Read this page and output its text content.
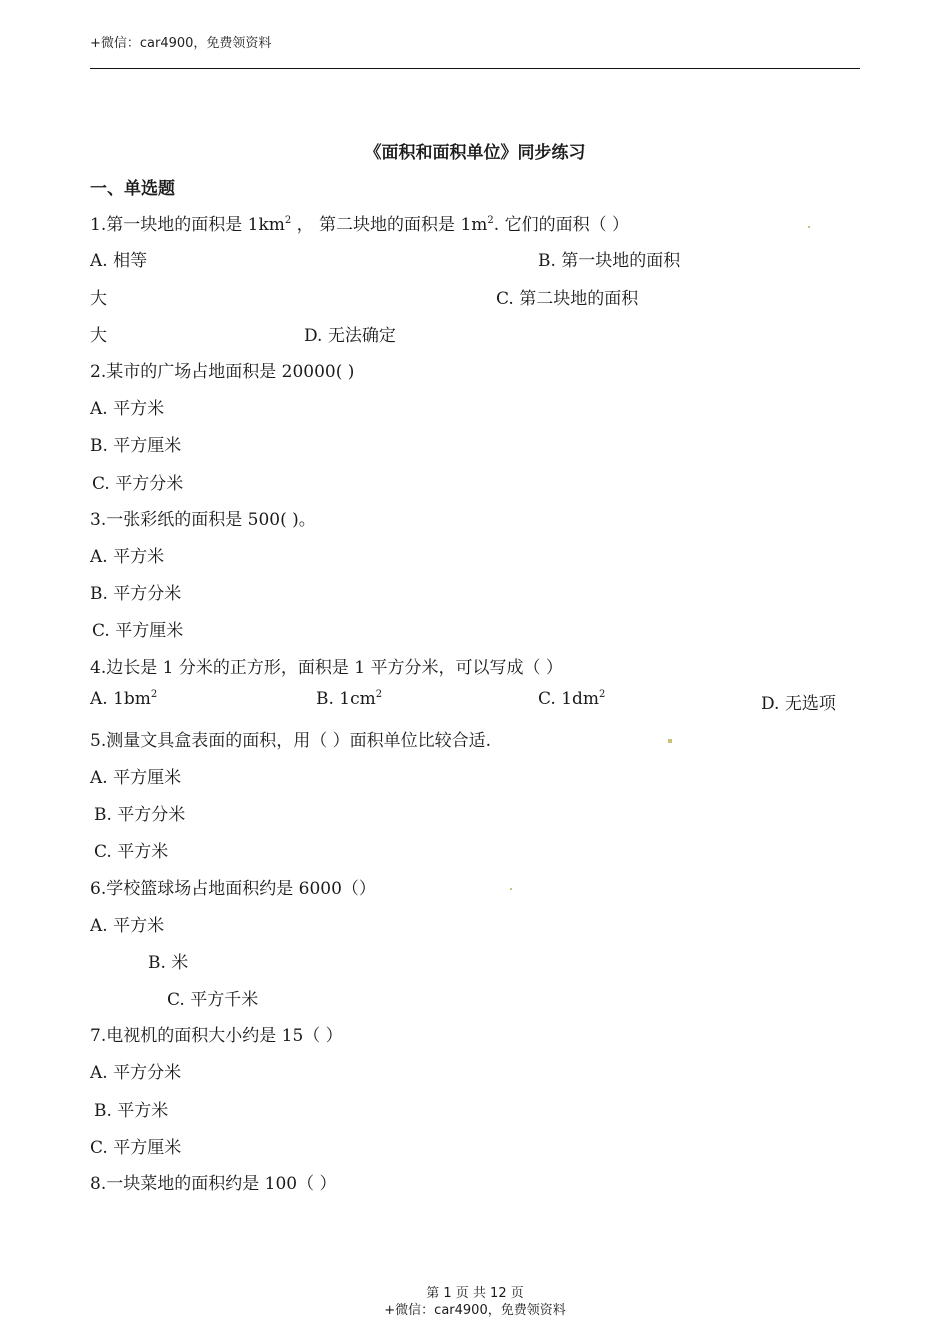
+微信：car4900，免费领资料
《面积和面积单位》同步练习
一、单选题
1.第一块地的面积是 $1km^2$ ， 第二块地的面积是 $1m^2$. 它们的面积（ ）
A. 相等	B. 第一块地的面积
大	C. 第二块地的面积
大	D. 无法确定
2.某市的广场占地面积是 20000( )
A. 平方米
B. 平方厘米
C. 平方分米
3.一张彩纸的面积是 500( )。
A. 平方米
B. 平方分米
C. 平方厘米
4.边长是 1 分米的正方形，面积是 1 平方分米，可以写成（ ）
A. $1bm^2$	B. $1cm^2$	C. $1dm^2$	D. 无选项
5.测量文具盒表面的面积，用（ ）面积单位比较合适.
A. 平方厘米
B. 平方分米
C. 平方米
6.学校篮球场占地面积约是 6000（）
A. 平方米
B. 米
C. 平方千米
7.电视机的面积大小约是 15（ ）
A. 平方分米
B. 平方米
C. 平方厘米
8.一块菜地的面积约是 100（ ）
第 1 页 共 12 页
+微信：car4900，免费领资料
